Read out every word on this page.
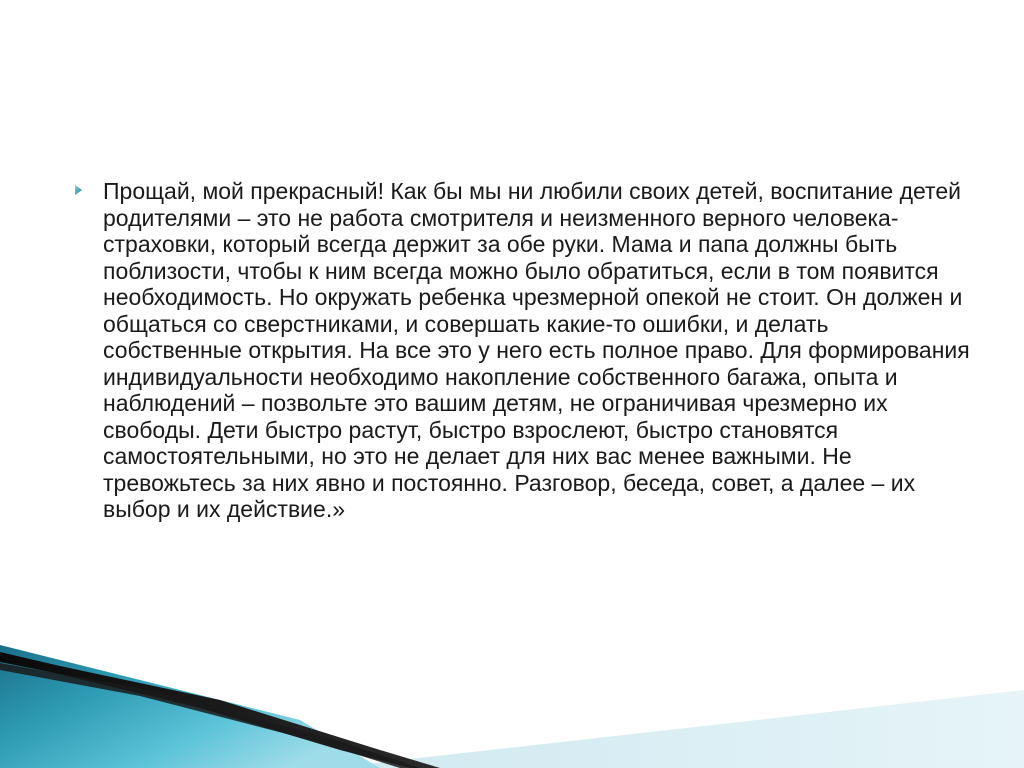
Прощай, мой прекрасный! Как бы мы ни любили своих детей, воспитание детей родителями – это не работа смотрителя и неизменного верного человека-страховки, который всегда держит за обе руки. Мама и папа должны быть поблизости, чтобы к ним всегда можно было обратиться, если в том появится необходимость. Но окружать ребенка чрезмерной опекой не стоит. Он должен и общаться со сверстниками, и совершать какие-то ошибки, и делать собственные открытия. На все это у него есть полное право. Для формирования индивидуальности необходимо накопление собственного багажа, опыта и наблюдений – позвольте это вашим детям, не ограничивая чрезмерно их свободы. Дети быстро растут, быстро взрослеют, быстро становятся самостоятельными, но это не делает для них вас менее важными. Не тревожьтесь за них явно и постоянно. Разговор, беседа, совет, а далее – их выбор и их действие.»
